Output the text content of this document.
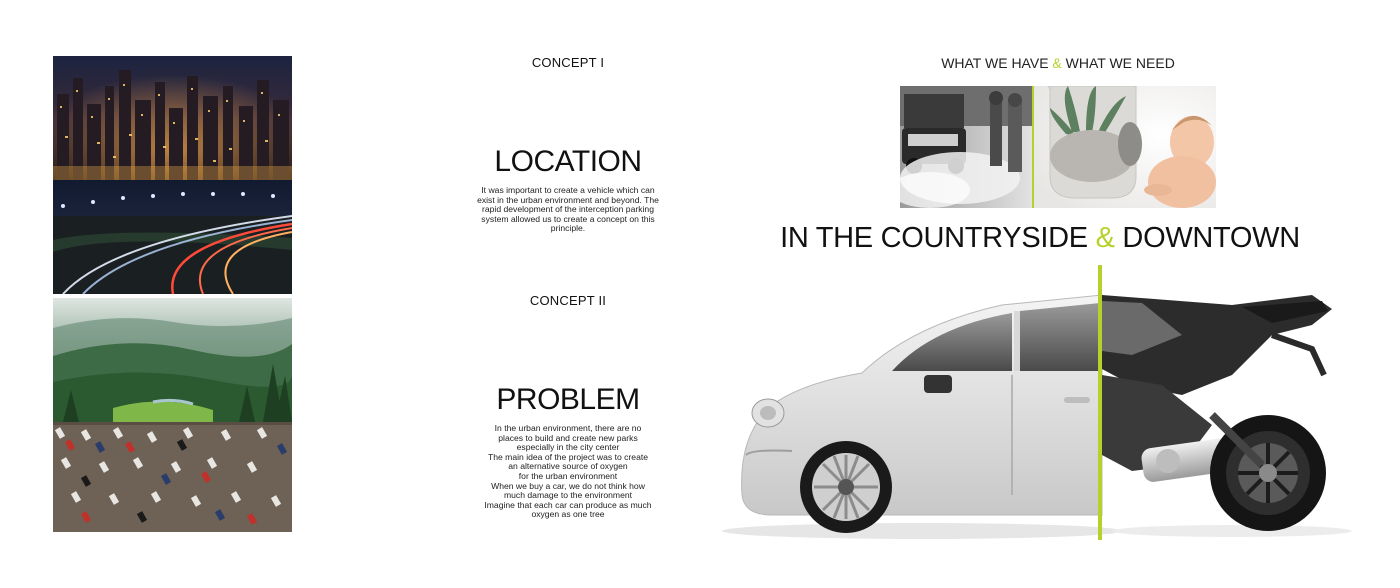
CONCEPT I
LOCATION
It was important to create a vehicle which can
exist in the urban environment and beyond. The
rapid development of the interception parking
system allowed us to create a concept on this
principle.
CONCEPT II
PROBLEM
In the urban environment, there are no
places to build and create new parks
especially in the city center
The main idea of the project was to create
an alternative source of oxygen
for the urban environment
When we buy a car, we do not think how
much damage to the environment
Imagine that each car can produce as much
oxygen as one tree
WHAT WE HAVE & WHAT WE NEED
IN THE COUNTRYSIDE & DOWNTOWN
